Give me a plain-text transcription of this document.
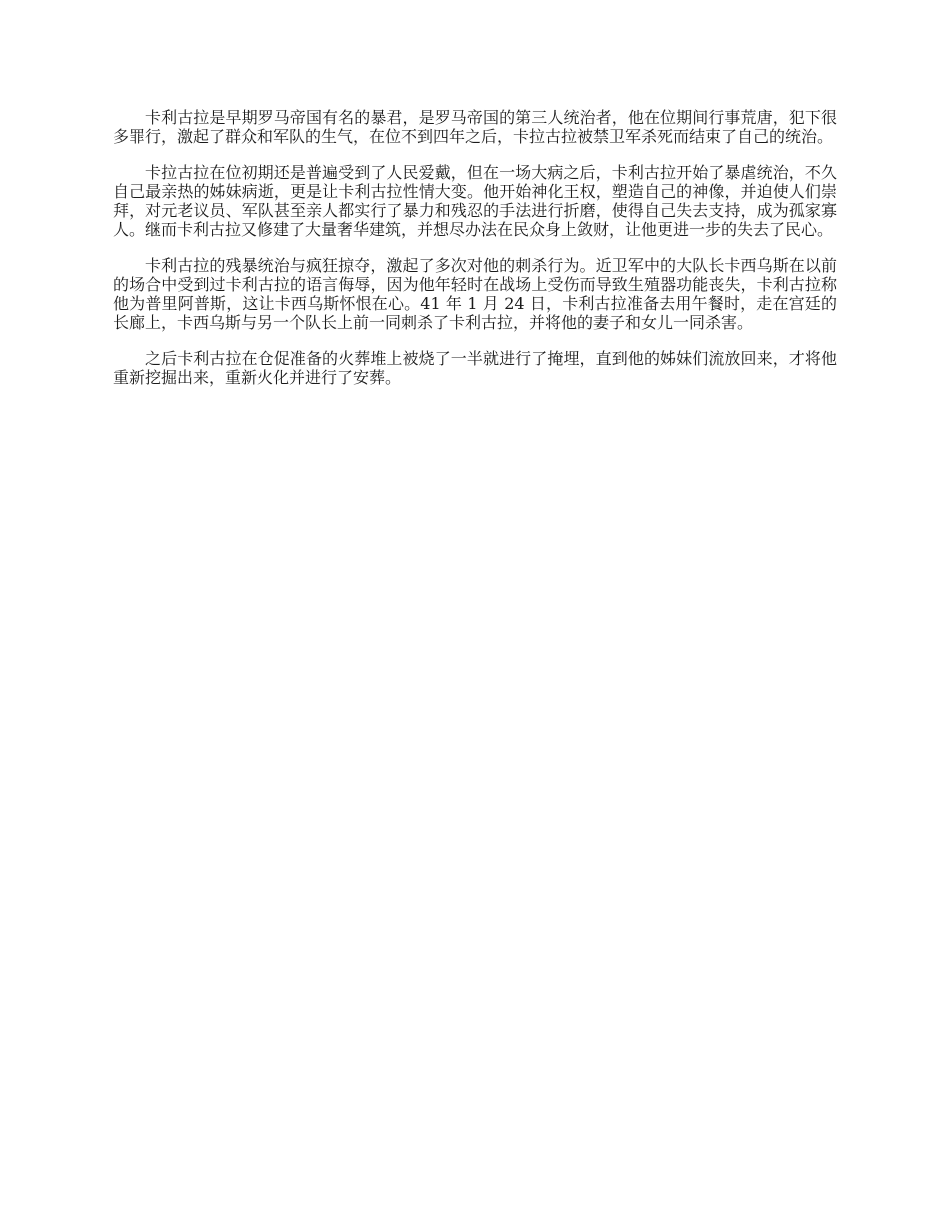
卡利古拉是早期罗马帝国有名的暴君，是罗马帝国的第三人统治者，他在位期间行事荒唐，犯下很多罪行，激起了群众和军队的生气，在位不到四年之后，卡拉古拉被禁卫军杀死而结束了自己的统治。

卡拉古拉在位初期还是普遍受到了人民爱戴，但在一场大病之后，卡利古拉开始了暴虐统治，不久自己最亲热的姊妹病逝，更是让卡利古拉性情大变。他开始神化王权，塑造自己的神像，并迫使人们崇拜，对元老议员、军队甚至亲人都实行了暴力和残忍的手法进行折磨，使得自己失去支持，成为孤家寡人。继而卡利古拉又修建了大量奢华建筑，并想尽办法在民众身上敛财，让他更进一步的失去了民心。

卡利古拉的残暴统治与疯狂掠夺，激起了多次对他的刺杀行为。近卫军中的大队长卡西乌斯在以前的场合中受到过卡利古拉的语言侮辱，因为他年轻时在战场上受伤而导致生殖器功能丧失，卡利古拉称他为普里阿普斯，这让卡西乌斯怀恨在心。41 年 1 月 24 日，卡利古拉准备去用午餐时，走在宫廷的长廊上，卡西乌斯与另一个队长上前一同刺杀了卡利古拉，并将他的妻子和女儿一同杀害。

之后卡利古拉在仓促准备的火葬堆上被烧了一半就进行了掩埋，直到他的姊妹们流放回来，才将他重新挖掘出来，重新火化并进行了安葬。
